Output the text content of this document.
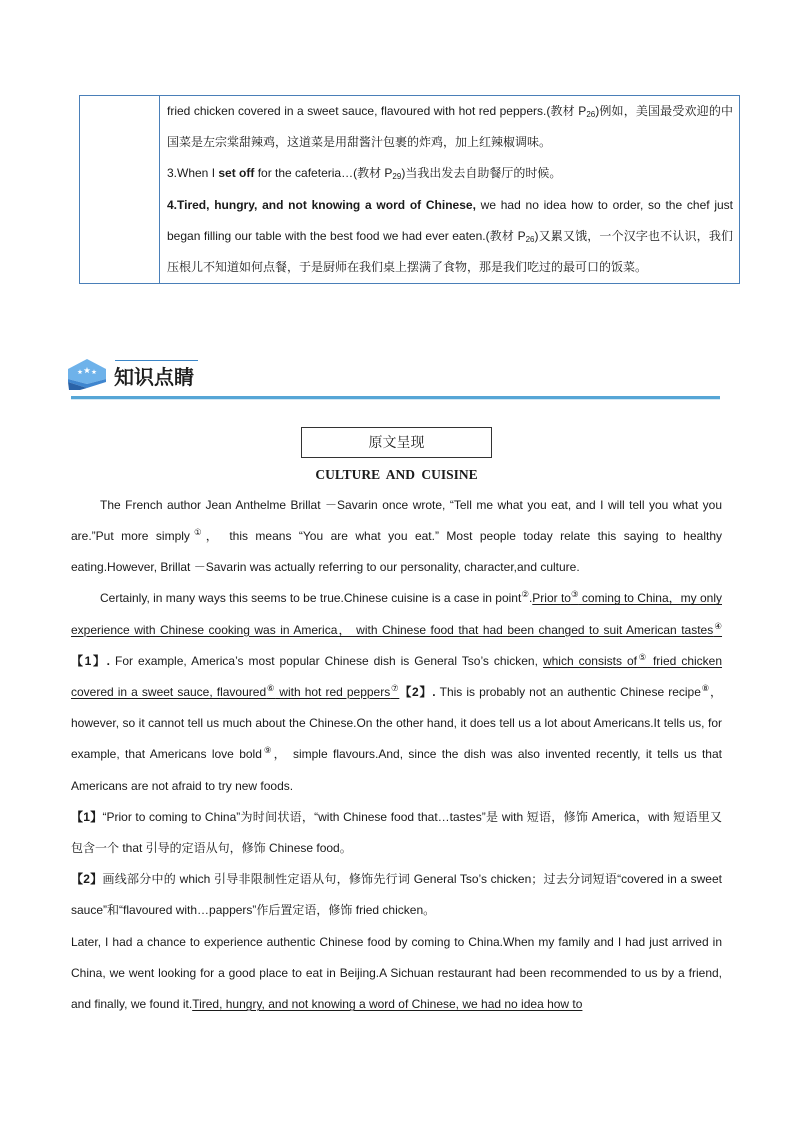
fried chicken covered in a sweet sauce, flavoured with hot red peppers.(教材 $P_{26}$)例如，美国最受欢迎的中国菜是左宗棠甜辣鸡，这道菜是用甜酱汁包裹的炸鸡，加上红辣椒调味。

3.When I set off for the cafeteria…(教材 $P_{29}$)当我出发去自助餐厅的时候。

4.Tired, hungry, and not knowing a word of Chinese, we had no idea how to order, so the chef just began filling our table with the best food we had ever eaten.(教材 $P_{26}$)又累又饿，一个汉字也不认识，我们压根儿不知道如何点餐，于是厨师在我们桌上摆满了食物，那是我们吃过的最可口的饭菜。

知识点睛
原文呈现
CULTURE AND CUISINE

The French author Jean Anthelme Brillat －Savarin once wrote, “Tell me what you eat, and I will tell you what you are.”Put more simply①， this means “You are what you eat.” Most people today relate this saying to healthy eating.However, Brillat －Savarin was actually referring to our personality, character,and culture.

Certainly, in many ways this seems to be true.Chinese cuisine is a case in point②.Prior to③ coming to China，my only experience with Chinese cooking was in America， with Chinese food that had been changed to suit American tastes④【1】. For example, America’s most popular Chinese dish is General Tso’s chicken, which consists of⑤ fried chicken covered in a sweet sauce, flavoured⑥ with hot red peppers⑦【2】. This is probably not an authentic Chinese recipe⑧， however, so it cannot tell us much about the Chinese.On the other hand, it does tell us a lot about Americans.It tells us, for example, that Americans love bold⑨， simple flavours.And, since the dish was also invented recently, it tells us that Americans are not afraid to try new foods.

【1】“Prior to coming to China”为时间状语，“with Chinese food that…tastes”是 with 短语，修饰 America，with 短语里又包含一个 that 引导的定语从句，修饰 Chinese food。

【2】画线部分中的 which 引导非限制性定语从句，修饰先行词 General Tso’s chicken；过去分词短语“covered in a sweet sauce”和“flavoured with…pappers”作后置定语，修饰 fried chicken。

Later, I had a chance to experience authentic Chinese food by coming to China.When my family and I had just arrived in China, we went looking for a good place to eat in Beijing.A Sichuan restaurant had been recommended to us by a friend, and finally, we found it.Tired, hungry, and not knowing a word of Chinese, we had no idea how to
